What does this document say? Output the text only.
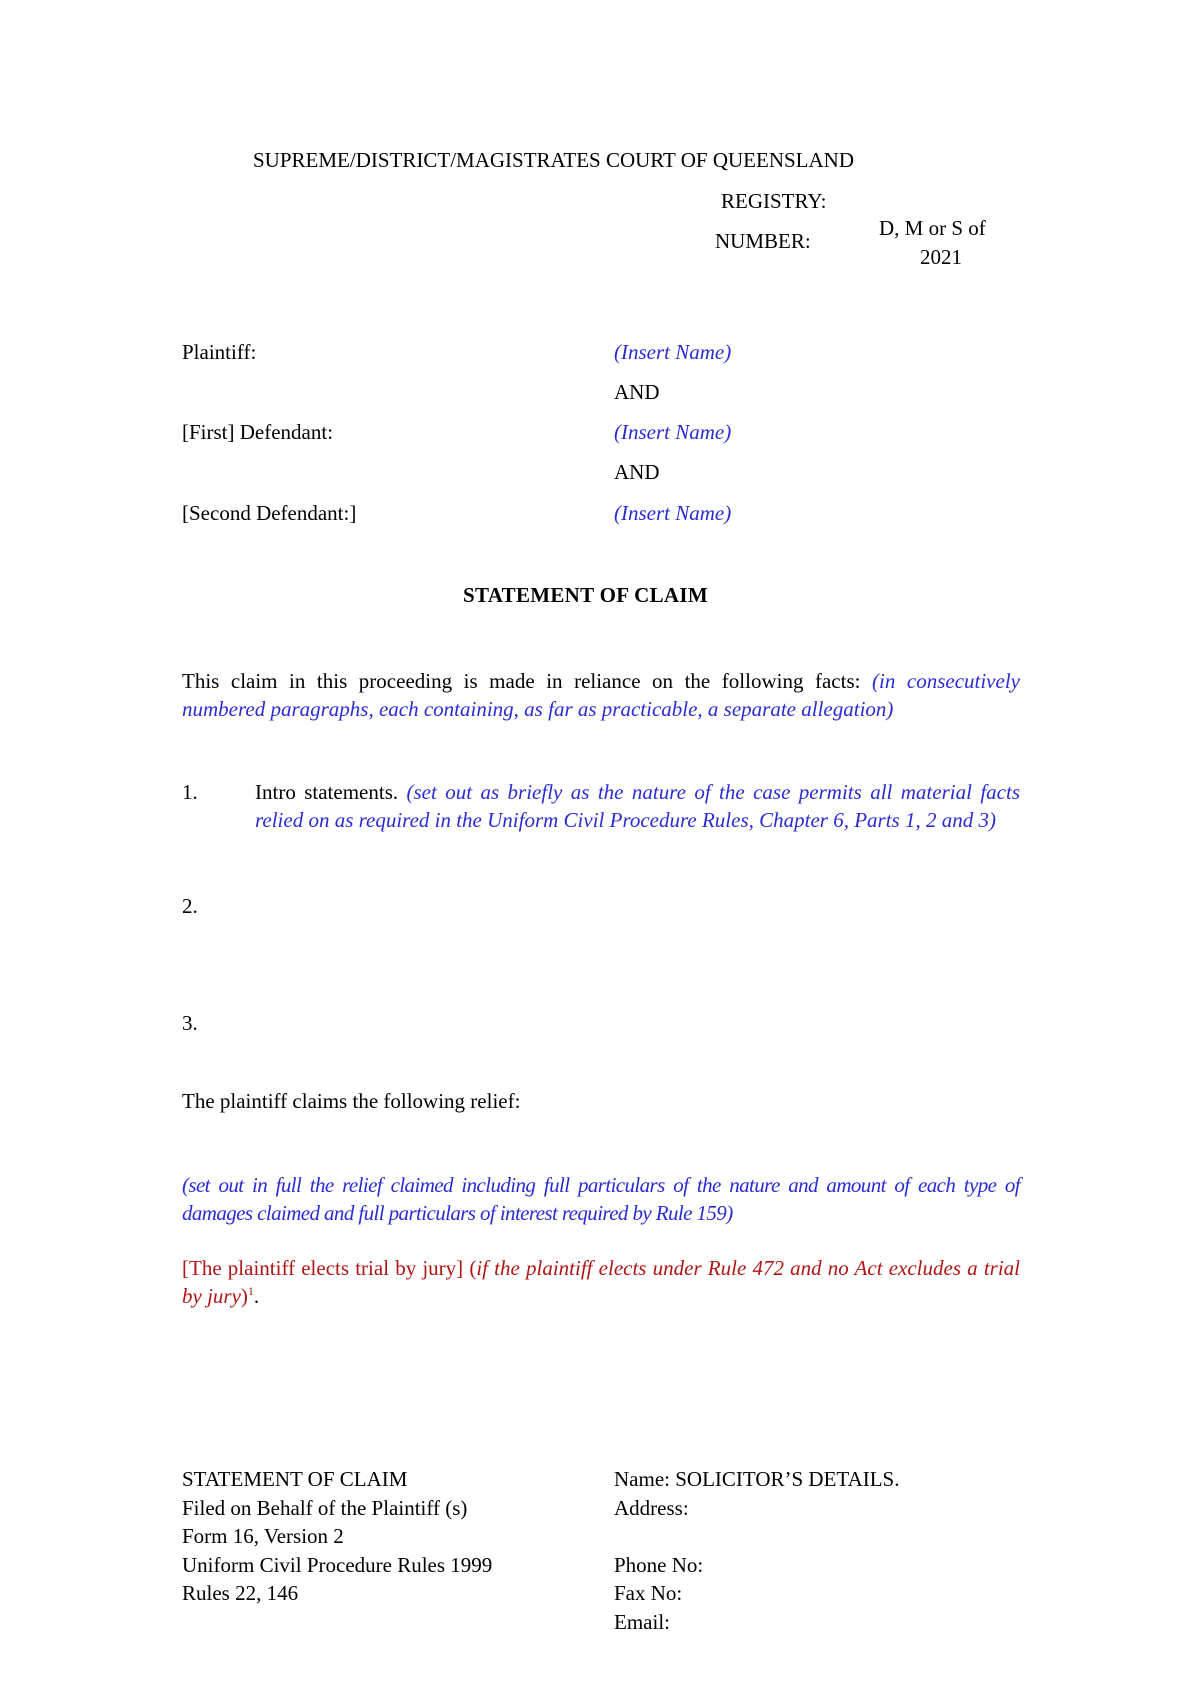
SUPREME/DISTRICT/MAGISTRATES COURT OF QUEENSLAND
REGISTRY:
NUMBER:
D, M or S of
2021
Plaintiff:	(Insert Name)
AND
[First] Defendant:	(Insert Name)
AND
[Second Defendant:]	(Insert Name)
STATEMENT OF CLAIM
This claim in this proceeding is made in reliance on the following facts: (in consecutively numbered paragraphs, each containing, as far as practicable, a separate allegation)
1.	Intro statements. (set out as briefly as the nature of the case permits all material facts relied on as required in the Uniform Civil Procedure Rules, Chapter 6, Parts 1, 2 and 3)
2.
3.
The plaintiff claims the following relief:
(set out in full the relief claimed including full particulars of the nature and amount of each type of damages claimed and full particulars of interest required by Rule 159)
[The plaintiff elects trial by jury] (if the plaintiff elects under Rule 472 and no Act excludes a trial by jury)$^1$.
STATEMENT OF CLAIM
Filed on Behalf of the Plaintiff (s)
Form 16, Version 2
Uniform Civil Procedure Rules 1999
Rules 22, 146
Name: SOLICITOR’S DETAILS.
Address:
Phone No:
Fax No:
Email:
